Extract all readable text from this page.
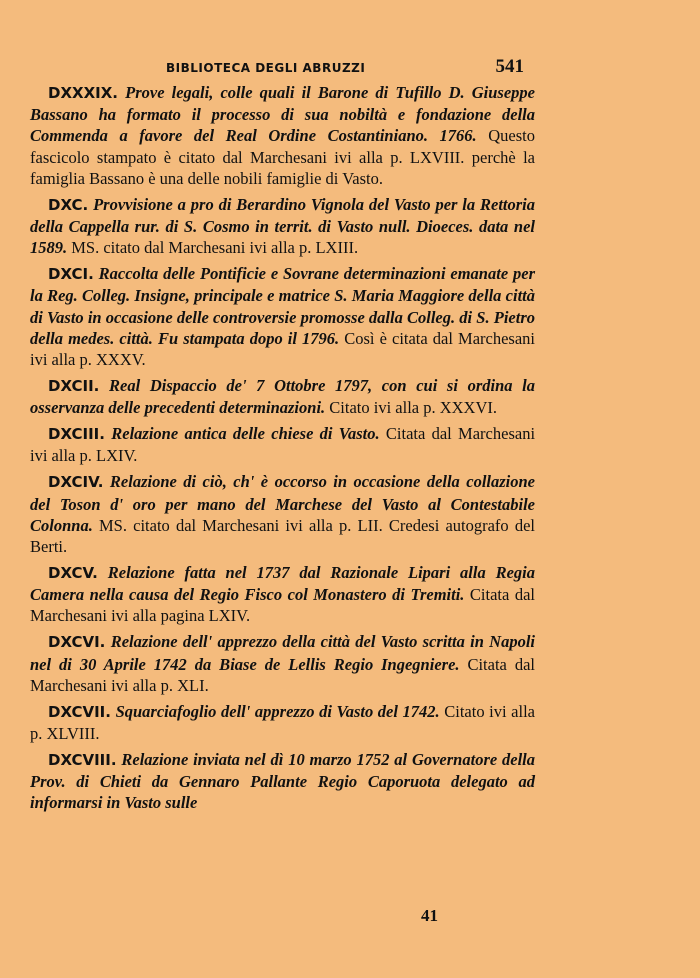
BIBLIOTECA DEGLI ABRUZZI	541

DXXXIX. Prove legali, colle quali il Barone di Tufillo D. Giuseppe Bassano ha formato il processo di sua nobiltà e fondazione della Commenda a favore del Real Ordine Costantiniano. 1766. Questo fascicolo stampato è citato dal Marchesani ivi alla p. LXVIII. perchè la famiglia Bassano è una delle nobili famiglie di Vasto.

DXC. Provvisione a pro di Berardino Vignola del Vasto per la Rettoria della Cappella rur. di S. Cosmo in territ. di Vasto null. Dioeces. data nel 1589. MS. citato dal Marchesani ivi alla p. LXIII.

DXCI. Raccolta delle Pontificie e Sovrane determinazioni emanate per la Reg. Colleg. Insigne, principale e matrice S. Maria Maggiore della città di Vasto in occasione delle controversie promosse dalla Colleg. di S. Pietro della medes. città. Fu stampata dopo il 1796. Così è citata dal Marchesani ivi alla p. XXXV.

DXCII. Real Dispaccio de' 7 Ottobre 1797, con cui si ordina la osservanza delle precedenti determinazioni. Citato ivi alla p. XXXVI.

DXCIII. Relazione antica delle chiese di Vasto. Citata dal Marchesani ivi alla p. LXIV.

DXCIV. Relazione di ciò, ch' è occorso in occasione della collazione del Toson d' oro per mano del Marchese del Vasto al Contestabile Colonna. MS. citato dal Marchesani ivi alla p. LII. Credesi autografo del Berti.

DXCV. Relazione fatta nel 1737 dal Razionale Lipari alla Regia Camera nella causa del Regio Fisco col Monastero di Tremiti. Citata dal Marchesani ivi alla pagina LXIV.

DXCVI. Relazione dell' apprezzo della città del Vasto scritta in Napoli nel di 30 Aprile 1742 da Biase de Lellis Regio Ingegniere. Citata dal Marchesani ivi alla p. XLI.

DXCVII. Squarciafoglio dell' apprezzo di Vasto del 1742. Citato ivi alla p. XLVIII.

DXCVIII. Relazione inviata nel dì 10 marzo 1752 al Governatore della Prov. di Chieti da Gennaro Pallante Regio Caporuota delegato ad informarsi in Vasto sulle

41
